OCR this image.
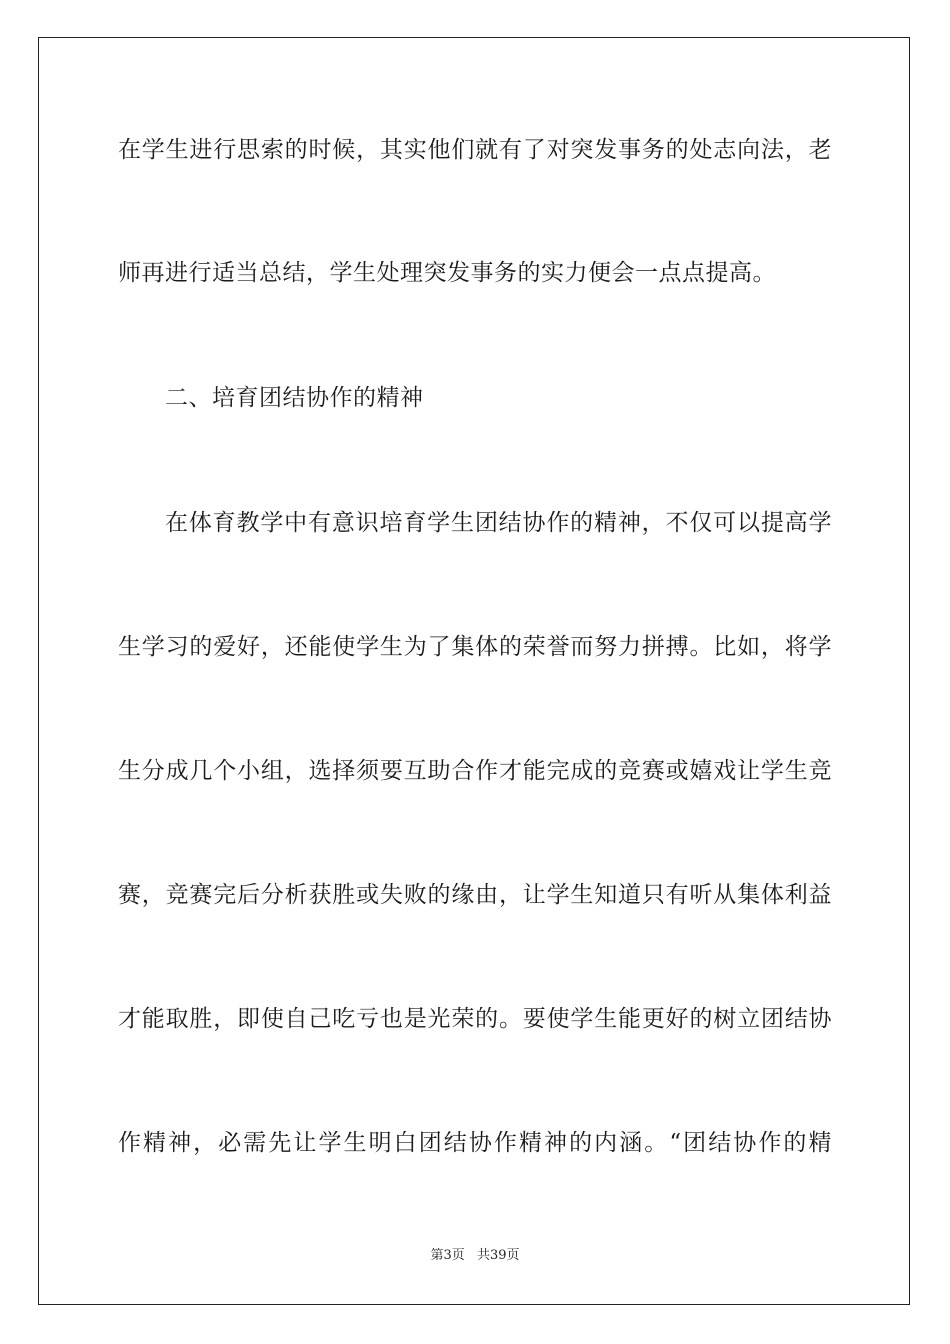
在学生进行思索的时候，其实他们就有了对突发事务的处志向法，老
师再进行适当总结，学生处理突发事务的实力便会一点点提高。
二、培育团结协作的精神
在体育教学中有意识培育学生团结协作的精神，不仅可以提高学
生学习的爱好，还能使学生为了集体的荣誉而努力拼搏。比如，将学
生分成几个小组，选择须要互助合作才能完成的竞赛或嬉戏让学生竞
赛，竞赛完后分析获胜或失败的缘由，让学生知道只有听从集体利益
才能取胜，即使自己吃亏也是光荣的。要使学生能更好的树立团结协
作精神，必需先让学生明白团结协作精神的内涵。“团结协作的精
第3页 共39页
